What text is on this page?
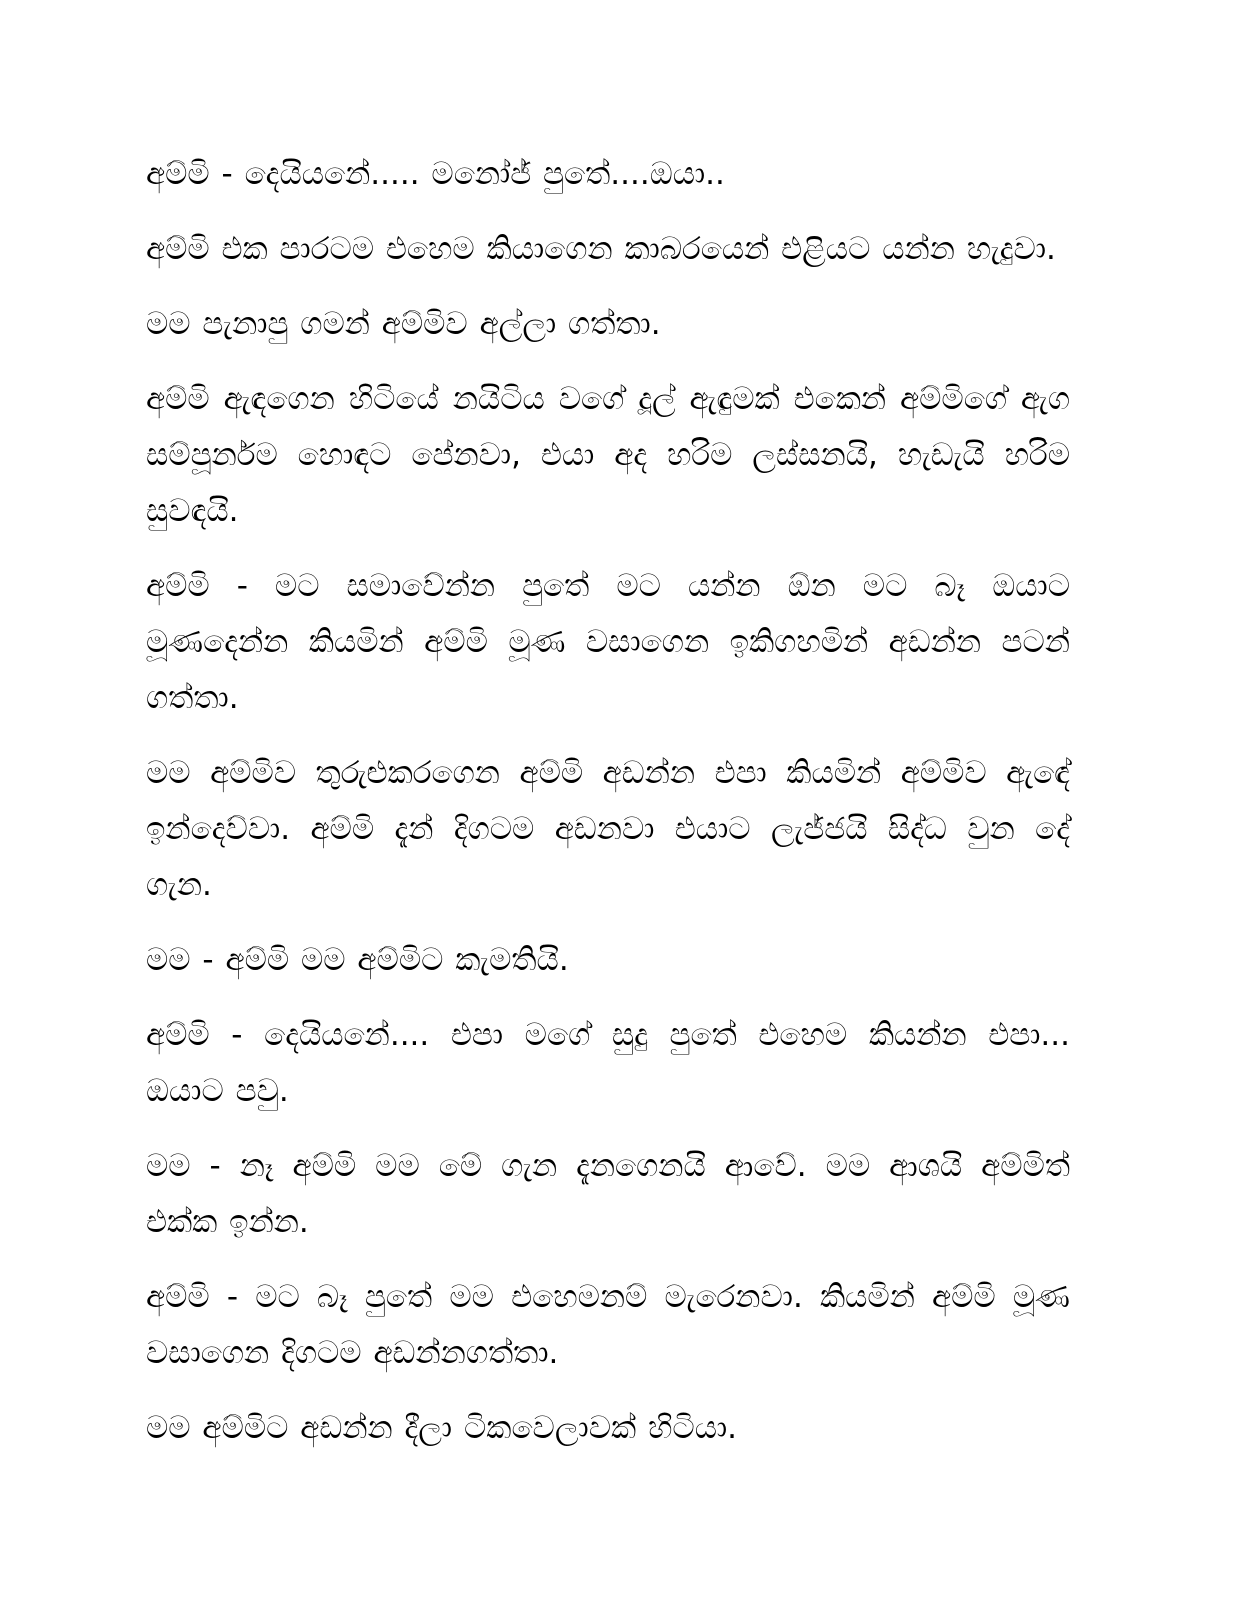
අම්මි - දෙයියනේ..... මනෝජ් පුතේ....ඔයා..

අම්මි එක පාරටම එහෙම කියාගෙන කාබරයෙන් එළියට යන්න හැදුවා.

මම පැනාපු ගමන් අම්මිව අල්ලා ගත්තා.

අම්මි ඇඳගෙන හිටියේ නයිටිය වගේ දූල් ඇඳුමක් එකෙන් අම්මිගේ ඇග සම්පූර්නම හොඳට පේනවා, එයා අද හරිම ලස්සනයි, හැඩැයි හරිම සුවඳයි.

අම්මි - මට සමාවේන්න පුතේ මට යන්න ඕන මට බෑ ඔයාට මූණදෙන්න කියමින් අම්මි මූණ වසාගෙන ඉකිගහමින් අඩන්න පටන් ගත්තා.

මම අම්මිව තුරුළුකරගෙන අම්මි අඩන්න එපා කියමින් අම්මිව ඇඳේ ඉන්දෙව්වා. අම්මි දැන් දිගටම අඩනවා එයාට ලැජ්ජයි සිද්ධ වුන දේ ගැන.

මම - අම්මි මම අම්මිට කැමතියි.

අම්මි - දෙයියනේ.... එපා මගේ සුදු පුතේ එහෙම කියන්න එපා... ඔයාට පවු.

මම - නෑ අම්මි මම මේ ගැන දැනගෙනයි ආවේ. මම ආශයි අම්මිත් එක්ක ඉන්න.

අම්මි - මට බෑ පුතේ මම එහෙමනම් මැරෙනවා. කියමින් අම්මි මූණ වසාගෙන දිගටම අඩන්නගත්තා.

මම අම්මිට අඩන්න දීලා ටිකවෙලාවක් හිටියා.
